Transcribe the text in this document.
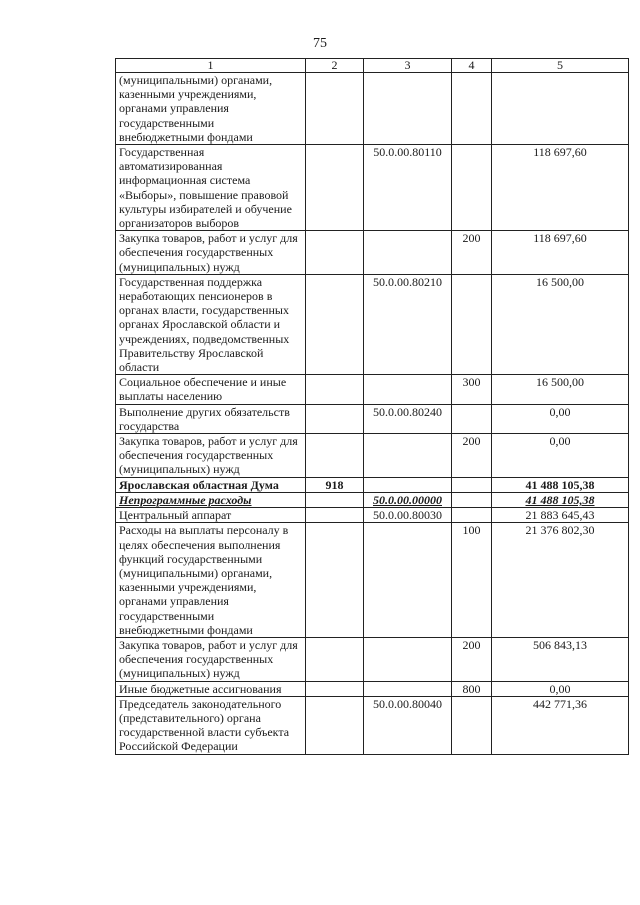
75
1	2	3	4	5
(муниципальными) органами, казенными учреждениями, органами управления государственными внебюджетными фондами				
Государственная автоматизированная информационная система «Выборы», повышение правовой культуры избирателей и обучение организаторов выборов		50.0.00.80110		118 697,60
Закупка товаров, работ и услуг для обеспечения государственных (муниципальных) нужд			200	118 697,60
Государственная поддержка неработающих пенсионеров в органах власти, государственных органах Ярославской области и учреждениях, подведомственных Правительству Ярославской области		50.0.00.80210		16 500,00
Социальное обеспечение и иные выплаты населению			300	16 500,00
Выполнение других обязательств государства		50.0.00.80240		0,00
Закупка товаров, работ и услуг для обеспечения государственных (муниципальных) нужд			200	0,00
Ярославская областная Дума	918			41 488 105,38
Непрограммные расходы		50.0.00.00000		41 488 105,38
Центральный аппарат		50.0.00.80030		21 883 645,43
Расходы на выплаты персоналу в целях обеспечения выполнения функций государственными (муниципальными) органами, казенными учреждениями, органами управления государственными внебюджетными фондами			100	21 376 802,30
Закупка товаров, работ и услуг для обеспечения государственных (муниципальных) нужд			200	506 843,13
Иные бюджетные ассигнования			800	0,00
Председатель законодательного (представительного) органа государственной власти субъекта Российской Федерации		50.0.00.80040		442 771,36
